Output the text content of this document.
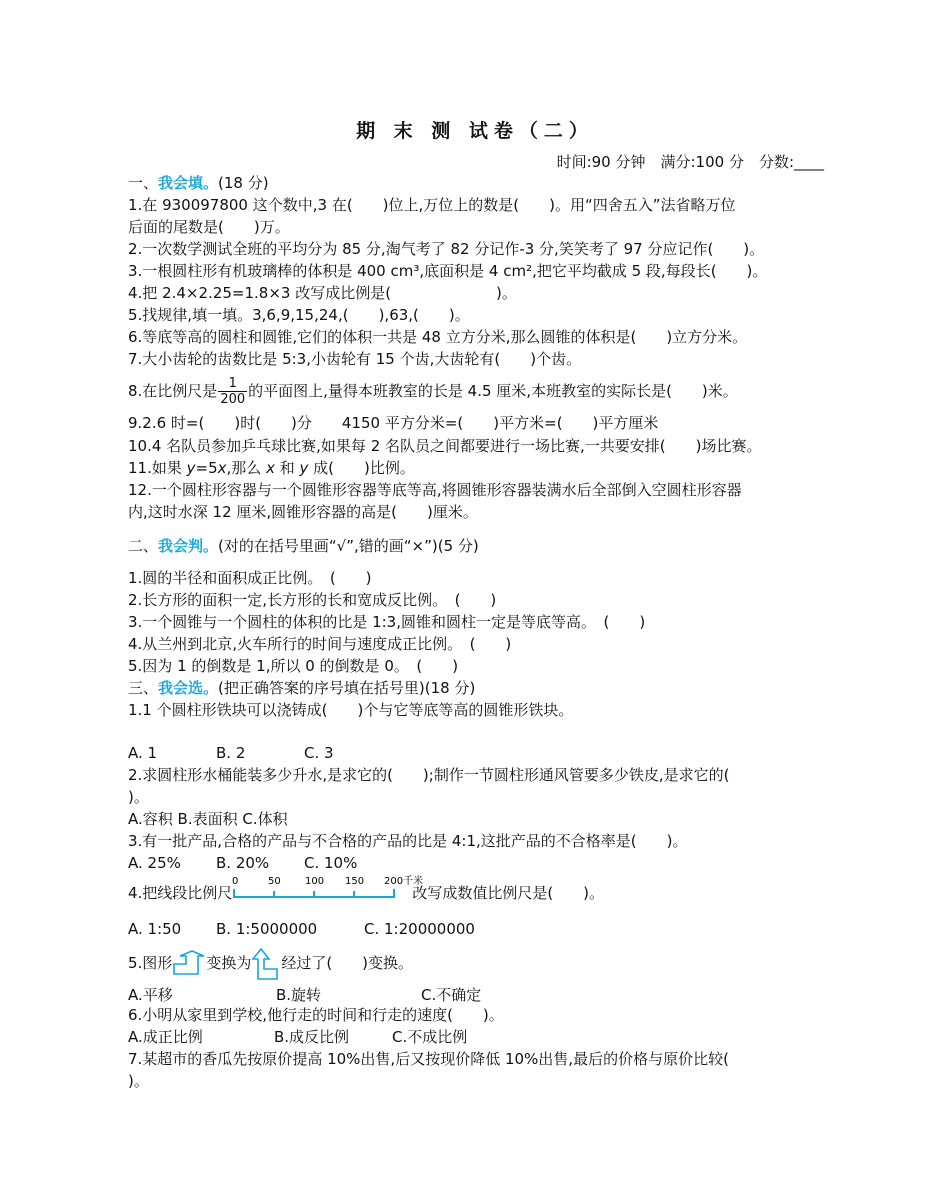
期 末 测 试卷（二）
时间:90 分钟　满分:100 分　分数:____
一、我会填。(18 分)
1.在 930097800 这个数中,3 在(　　)位上,万位上的数是(　　)。用“四舍五入”法省略万位
后面的尾数是(　　)万。
2.一次数学测试全班的平均分为 85 分,淘气考了 82 分记作-3 分,笑笑考了 97 分应记作(　　)。
3.一根圆柱形有机玻璃棒的体积是 400 cm³,底面积是 4 cm²,把它平均截成 5 段,每段长(　　)。
4.把 2.4×2.25=1.8×3 改写成比例是(　　　　　　　)。
5.找规律,填一填。3,6,9,15,24,(　　),63,(　　)。
6.等底等高的圆柱和圆锥,它们的体积一共是 48 立方分米,那么圆锥的体积是(　　)立方分米。
7.大小齿轮的齿数比是 5:3,小齿轮有 15 个齿,大齿轮有(　　)个齿。
8.在比例尺是 $\frac{1}{200}$ 的平面图上,量得本班教室的长是 4.5 厘米,本班教室的实际长是(　　)米。
9.2.6 时=(　　)时(　　)分　　4150 平方分米=(　　)平方米=(　　)平方厘米
10.4 名队员参加乒乓球比赛,如果每 2 名队员之间都要进行一场比赛,一共要安排(　　)场比赛。
11.如果 y=5x,那么 x 和 y 成(　　)比例。
12.一个圆柱形容器与一个圆锥形容器等底等高,将圆锥形容器装满水后全部倒入空圆柱形容器
内,这时水深 12 厘米,圆锥形容器的高是(　　)厘米。
二、我会判。(对的在括号里画“√”,错的画“×”)(5 分)
1.圆的半径和面积成正比例。　(　　)
2.长方形的面积一定,长方形的长和宽成反比例。　(　　)
3.一个圆锥与一个圆柱的体积的比是 1:3,圆锥和圆柱一定是等底等高。　(　　)
4.从兰州到北京,火车所行的时间与速度成正比例。　(　　)
5.因为 1 的倒数是 1,所以 0 的倒数是 0。　(　　)
三、我会选。(把正确答案的序号填在括号里)(18 分)
1.1 个圆柱形铁块可以浇铸成(　　)个与它等底等高的圆锥形铁块。
A. 1	B. 2	C. 3
2.求圆柱形水桶能装多少升水,是求它的(　　);制作一节圆柱形通风管要多少铁皮,是求它的(
)。
A.容积 B.表面积 C.体积
3.有一批产品,合格的产品与不合格的产品的比是 4:1,这批产品的不合格率是(　　)。
A. 25% B. 20% C. 10%
4.把线段比例尺
0	50 100 150 200千米
改写成数值比例尺是(　　)。
A. 1:50 B. 1:5000000	C. 1:20000000
5.图形 变换为 经过了(　　)变换。
A.平移	B.旋转	C.不确定
6.小明从家里到学校,他行走的时间和行走的速度(　　)。
A.成正比例	B.成反比例	C.不成比例
7.某超市的香瓜先按原价提高 10%出售,后又按现价降低 10%出售,最后的价格与原价比较(
)。
